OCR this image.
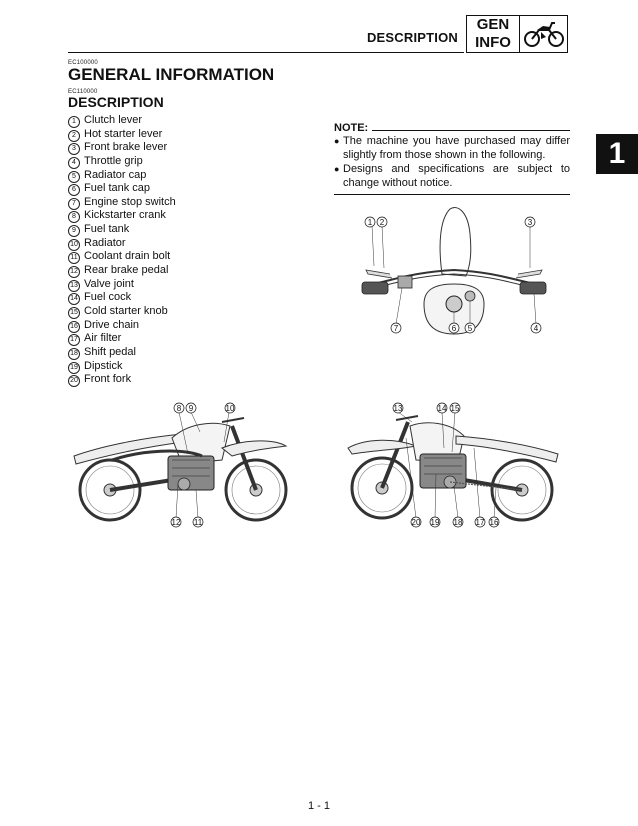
DESCRIPTION
GEN
INFO
1
EC100000
GENERAL INFORMATION
EC110000
DESCRIPTION
1 Clutch lever
2 Hot starter lever
3 Front brake lever
4 Throttle grip
5 Radiator cap
6 Fuel tank cap
7 Engine stop switch
8 Kickstarter crank
9 Fuel tank
10 Radiator
11 Coolant drain bolt
12 Rear brake pedal
13 Valve joint
14 Fuel cock
15 Cold starter knob
16 Drive chain
17 Air filter
18 Shift pedal
19 Dipstick
20 Front fork
NOTE:
● The machine you have purchased may differ slightly from those shown in the following.
● Designs and specifications are subject to change without notice.
1 2	3
4
5
6
7
8 9	10
11
12
13	14 15
16
17
18
19
20
1 - 1
